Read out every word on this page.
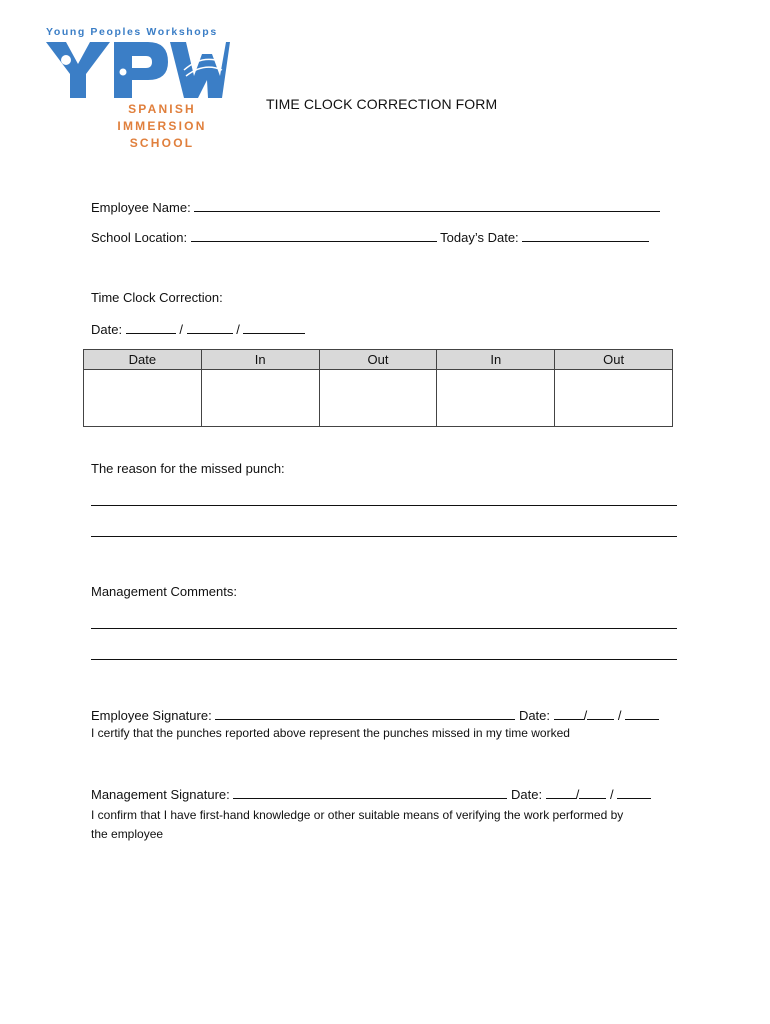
Young Peoples Workshops
SPANISH
IMMERSION
SCHOOL
TIME CLOCK CORRECTION FORM
Employee Name:
School Location:	Today’s Date:
Time Clock Correction:
Date:	/	/
Date	In	Out	In	Out

The reason for the missed punch:
Management Comments:
Employee Signature:	Date:	/ /
I certify that the punches reported above represent the punches missed in my time worked
Management Signature:	Date:	/ /
I confirm that I have first-hand knowledge or other suitable means of verifying the work performed by
the employee
